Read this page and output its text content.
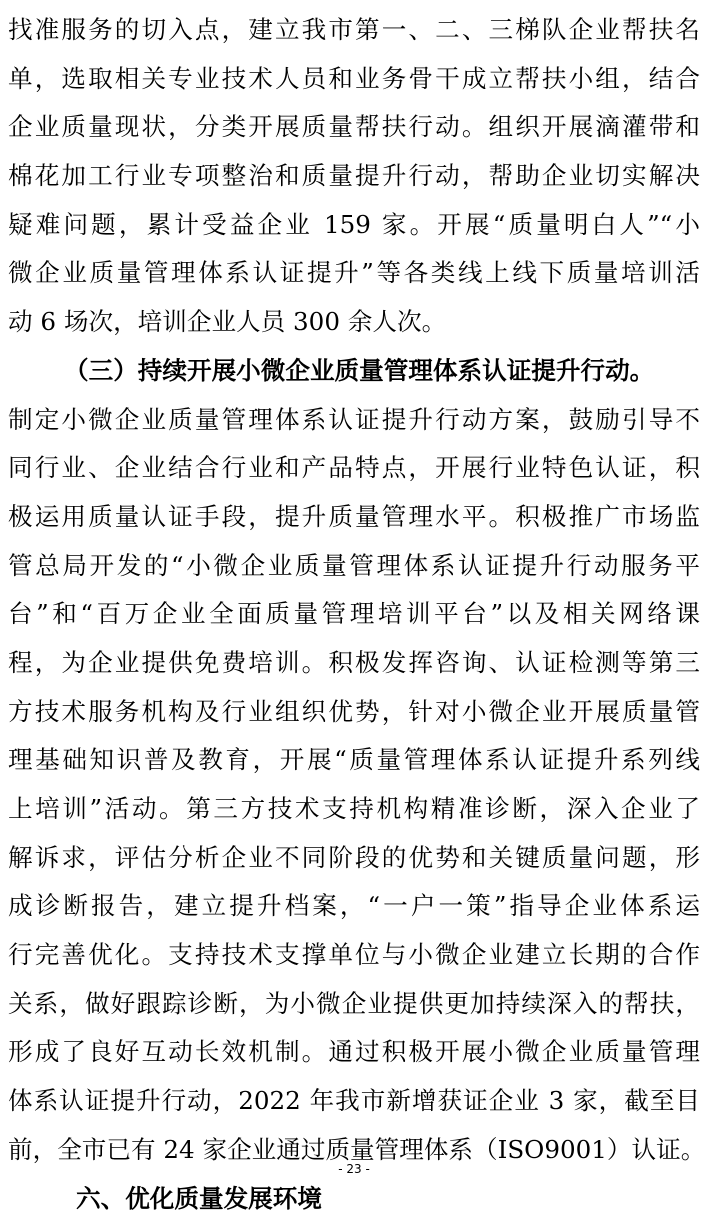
找准服务的切入点，建立我市第一、二、三梯队企业帮扶名
单，选取相关专业技术人员和业务骨干成立帮扶小组，结合
企业质量现状，分类开展质量帮扶行动。组织开展滴灌带和
棉花加工行业专项整治和质量提升行动，帮助企业切实解决
疑难问题，累计受益企业 159 家。开展“质量明白人”“小
微企业质量管理体系认证提升”等各类线上线下质量培训活
动 6 场次，培训企业人员 300 余人次。
（三）持续开展小微企业质量管理体系认证提升行动。
制定小微企业质量管理体系认证提升行动方案，鼓励引导不
同行业、企业结合行业和产品特点，开展行业特色认证，积
极运用质量认证手段，提升质量管理水平。积极推广市场监
管总局开发的“小微企业质量管理体系认证提升行动服务平
台”和“百万企业全面质量管理培训平台”以及相关网络课
程，为企业提供免费培训。积极发挥咨询、认证检测等第三
方技术服务机构及行业组织优势，针对小微企业开展质量管
理基础知识普及教育，开展“质量管理体系认证提升系列线
上培训”活动。第三方技术支持机构精准诊断，深入企业了
解诉求，评估分析企业不同阶段的优势和关键质量问题，形
成诊断报告，建立提升档案，“一户一策”指导企业体系运
行完善优化。支持技术支撑单位与小微企业建立长期的合作
关系，做好跟踪诊断，为小微企业提供更加持续深入的帮扶，
形成了良好互动长效机制。通过积极开展小微企业质量管理
体系认证提升行动，2022 年我市新增获证企业 3 家，截至目
前，全市已有 24 家企业通过质量管理体系（ISO9001）认证。
六、优化质量发展环境
- 23 -
